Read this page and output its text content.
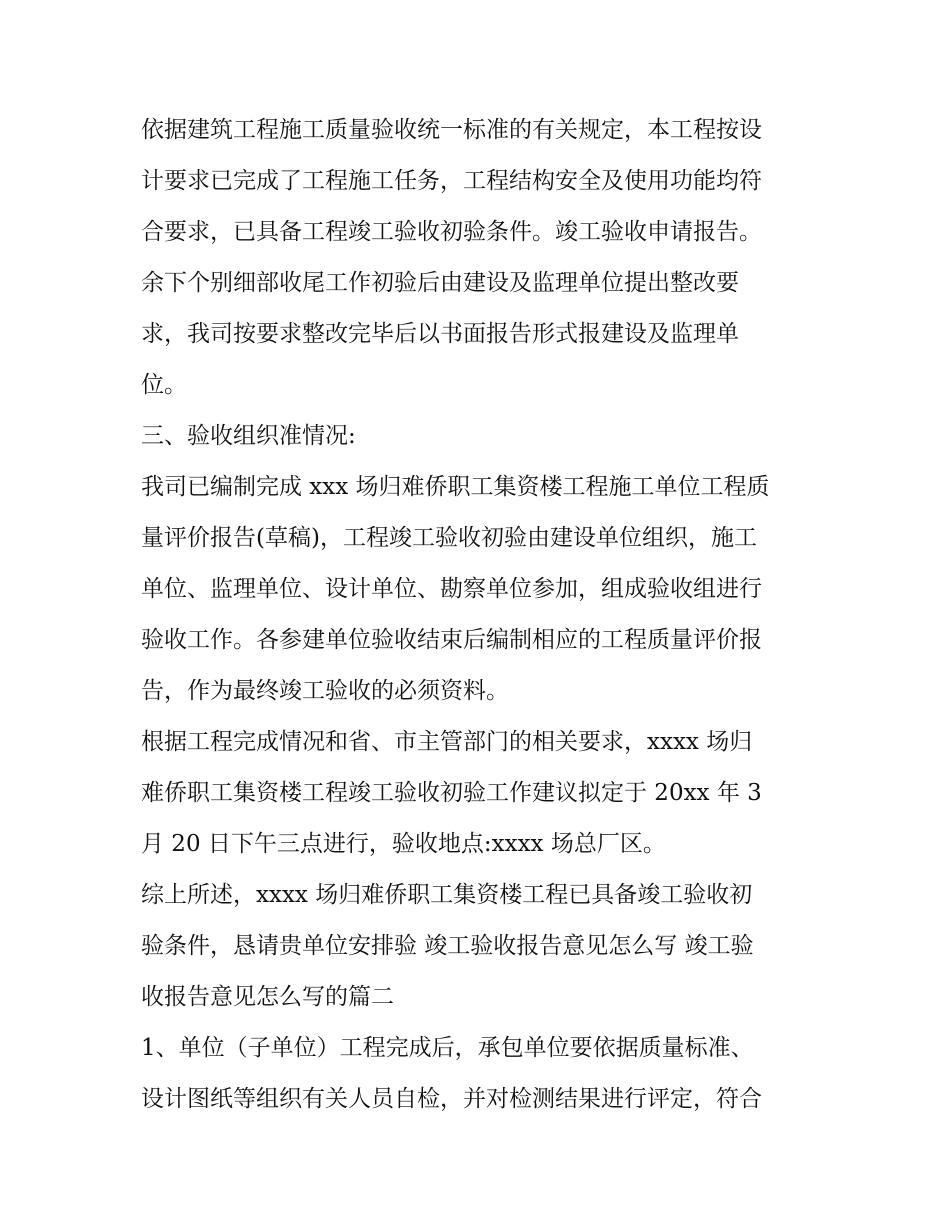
依据建筑工程施工质量验收统一标准的有关规定，本工程按设
计要求已完成了工程施工任务，工程结构安全及使用功能均符
合要求，已具备工程竣工验收初验条件。竣工验收申请报告。
余下个别细部收尾工作初验后由建设及监理单位提出整改要
求，我司按要求整改完毕后以书面报告形式报建设及监理单
位。
三、验收组织准情况:
我司已编制完成 xxx 场归难侨职工集资楼工程施工单位工程质
量评价报告(草稿)，工程竣工验收初验由建设单位组织，施工
单位、监理单位、设计单位、勘察单位参加，组成验收组进行
验收工作。各参建单位验收结束后编制相应的工程质量评价报
告，作为最终竣工验收的必须资料。
根据工程完成情况和省、市主管部门的相关要求，xxxx 场归
难侨职工集资楼工程竣工验收初验工作建议拟定于 20xx 年 3
月 20 日下午三点进行，验收地点:xxxx 场总厂区。
综上所述，xxxx 场归难侨职工集资楼工程已具备竣工验收初
验条件，恳请贵单位安排验 竣工验收报告意见怎么写 竣工验
收报告意见怎么写的篇二
1、单位（子单位）工程完成后，承包单位要依据质量标准、
设计图纸等组织有关人员自检，并对检测结果进行评定，符合
